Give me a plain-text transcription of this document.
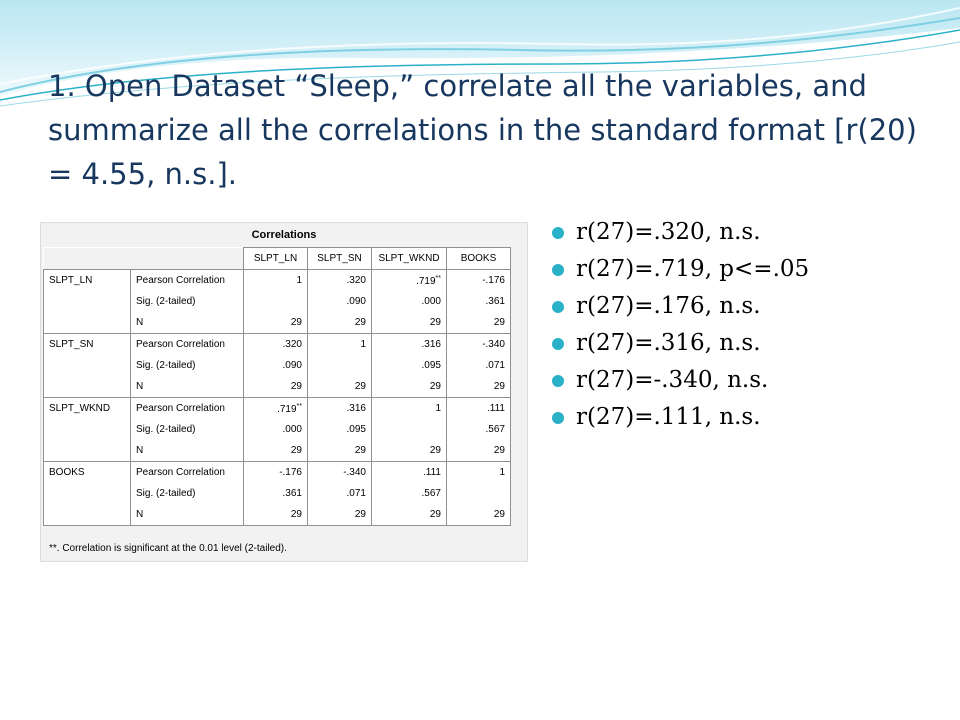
1. Open Dataset “Sleep,” correlate all the variables, and summarize all the correlations in the standard format [r(20) = 4.55, n.s.].
Correlations
		SLPT_LN	SLPT_SN	SLPT_WKND	BOOKS
SLPT_LN	Pearson Correlation	1	.320	.719**	-.176
	Sig. (2-tailed)		.090	.000	.361
	N	29	29	29	29
SLPT_SN	Pearson Correlation	.320	1	.316	-.340
	Sig. (2-tailed)	.090		.095	.071
	N	29	29	29	29
SLPT_WKND	Pearson Correlation	.719**	.316	1	.111
	Sig. (2-tailed)	.000	.095		.567
	N	29	29	29	29
BOOKS	Pearson Correlation	-.176	-.340	.111	1
	Sig. (2-tailed)	.361	.071	.567	
	N	29	29	29	29
**. Correlation is significant at the 0.01 level (2-tailed).
r(27)=.320, n.s.
r(27)=.719, p<=.05
r(27)=.176, n.s.
r(27)=.316, n.s.
r(27)=-.340, n.s.
r(27)=.111, n.s.
